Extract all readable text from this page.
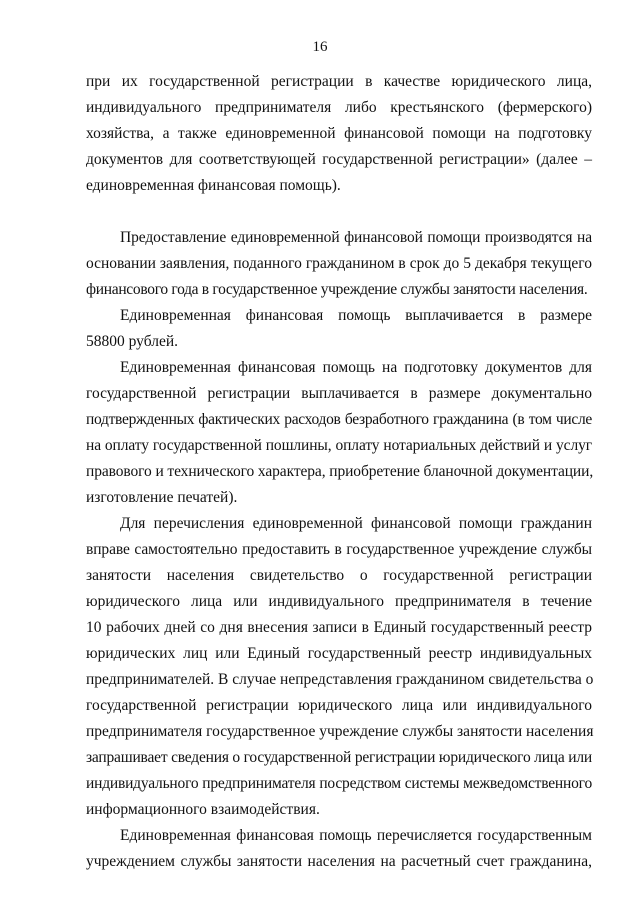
16
при их государственной регистрации в качестве юридического лица,
индивидуального предпринимателя либо крестьянского (фермерского)
хозяйства, а также единовременной финансовой помощи на подготовку
документов для соответствующей государственной регистрации» (далее –
единовременная финансовая помощь).
Предоставление единовременной финансовой помощи производятся на
основании заявления, поданного гражданином в срок до 5 декабря текущего
финансового года в государственное учреждение службы занятости населения.
Единовременная финансовая помощь выплачивается в размере
58800 рублей.
Единовременная финансовая помощь на подготовку документов для
государственной регистрации выплачивается в размере документально
подтвержденных фактических расходов безработного гражданина (в том числе
на оплату государственной пошлины, оплату нотариальных действий и услуг
правового и технического характера, приобретение бланочной документации,
изготовление печатей).
Для перечисления единовременной финансовой помощи гражданин
вправе самостоятельно предоставить в государственное учреждение службы
занятости населения свидетельство о государственной регистрации
юридического лица или индивидуального предпринимателя в течение
10 рабочих дней со дня внесения записи в Единый государственный реестр
юридических лиц или Единый государственный реестр индивидуальных
предпринимателей. В случае непредставления гражданином свидетельства о
государственной регистрации юридического лица или индивидуального
предпринимателя государственное учреждение службы занятости населения
запрашивает сведения о государственной регистрации юридического лица или
индивидуального предпринимателя посредством системы межведомственного
информационного взаимодействия.
Единовременная финансовая помощь перечисляется государственным
учреждением службы занятости населения на расчетный счет гражданина,
